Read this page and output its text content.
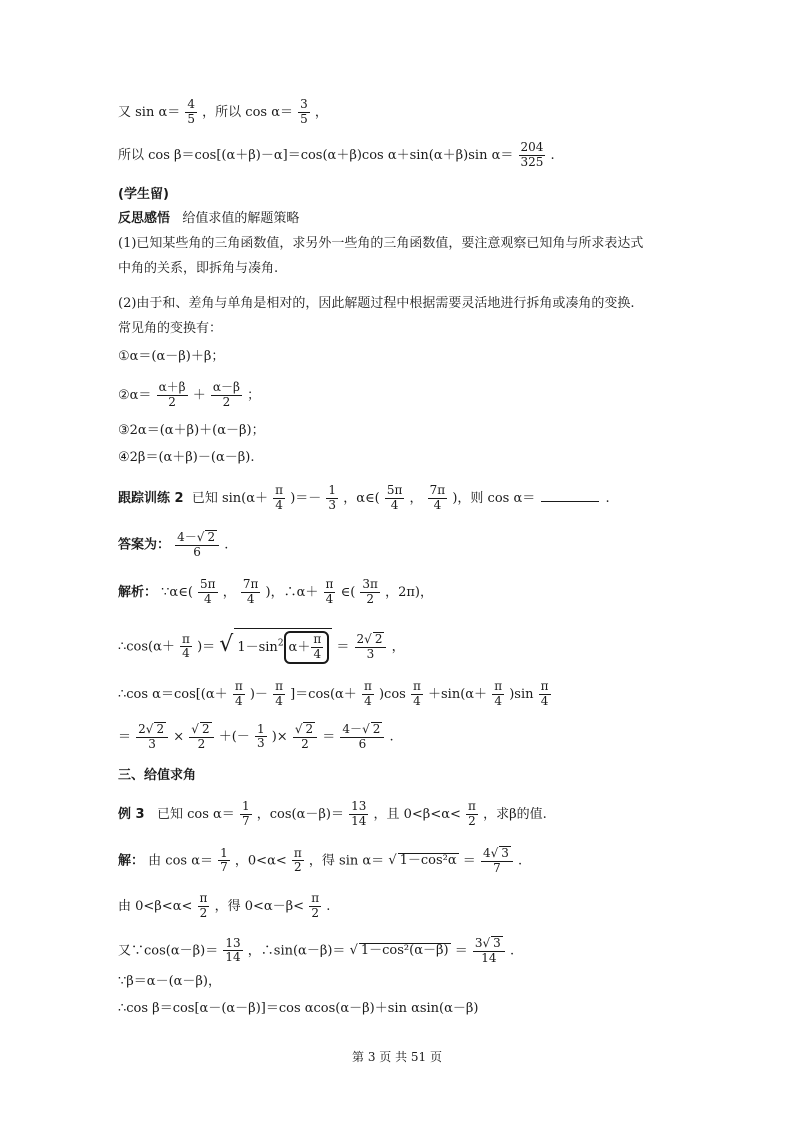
又 $\sin \alpha= \frac{4}{5}$ ，所以 $\cos \alpha= \frac{3}{5}$ ，
所以 cos β＝cos[(α＋β)－α]＝cos(α＋β)cos α＋sin(α＋β)sin $\alpha= \frac{204}{325}$ .
(学生留)
反思感悟 给值求值的解题策略
(1)已知某些角的三角函数值，求另外一些角的三角函数值，要注意观察已知角与所求表达式
中角的关系，即拆角与凑角.
(2)由于和、差角与单角是相对的，因此解题过程中根据需要灵活地进行拆角或凑角的变换.
常见角的变换有：
①α＝(α－β)＋β；
②α＝ $\frac{\alpha+\beta}{2} + \frac{\alpha-\beta}{2}$ ；
③2α＝(α＋β)＋(α－β)；
④2β＝(α＋β)－(α－β).
跟踪训练 2 已知 $\sin(\alpha+ \frac{\pi}{4}$ )＝－ $\frac{1}{3}$ ，α∈( $\frac{5\pi}{4}$ ， $\frac{7\pi}{4}$ )，则 cos α＝	.
答案为： $\frac{4-√ 2}{6}$ .
解析： ∵α∈( $\frac{5\pi}{4}$ ， $\frac{7\pi}{4}$ )，∴α＋ $\frac{\pi}{4}$ ∈( $\frac{3\pi}{2}$ ，2π)，
∴cos(α＋ $\frac{\pi}{4}$ )＝ √ $1-\sin^2$ $\alpha+ \frac{\pi}{4} = \frac{2√ 2}{3}$ ，
∴cos $\alpha=\cos[(\alpha+ \frac{\pi}{4}$ )－ $\frac{\pi}{4} ]=\cos(\alpha+ \frac{\pi}{4} )\cos \frac{\pi}{4} +\sin(\alpha+ \frac{\pi}{4} )\sin \frac{\pi}{4}$
＝ $\frac{2√ 2}{3} \times \frac{√ 2}{2}$ ＋(－ $\frac{1}{3}$ )× $\frac{√ 2}{2} = \frac{4-√ 2}{6}$ .
三、给值求角
例 3 已知 $\cos \alpha= \frac{1}{7}$ ，$\cos(\alpha-\beta)= \frac{13}{14}$ ，且 $0<\beta<\alpha< \frac{\pi}{2}$ ，求β的值.
解： 由 $\cos \alpha= \frac{1}{7}$ ，$0<\alpha< \frac{\pi}{2}$ ，得 sin α＝ √ $1-\cos^2\alpha = \frac{4√ 3}{7}$ .
由 $0<\beta<\alpha< \frac{\pi}{2}$ ，得 $0<\alpha-\beta< \frac{\pi}{2}$ .
又∵cos(α－β)＝ $\frac{13}{14}$ ，∴sin(α－β)＝ √ $1-\cos^2(\alpha-\beta) = \frac{3√ 3}{14}$ .
∵β＝α－(α－β)，
∴cos β＝cos[α－(α－β)]＝cos αcos(α－β)＋sin αsin(α－β)
第 3 页 共 51 页
